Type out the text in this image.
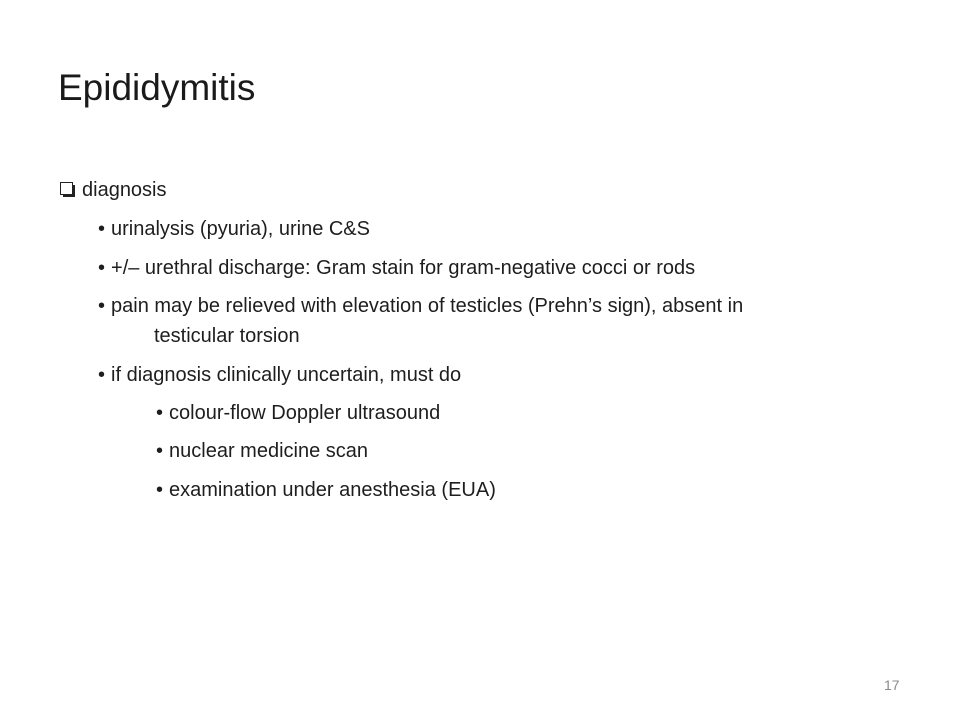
Epididymitis
diagnosis
• urinalysis (pyuria), urine C&S
• +/– urethral discharge: Gram stain for gram-negative cocci or rods
• pain may be relieved with elevation of testicles (Prehn’s sign), absent in
testicular torsion
• if diagnosis clinically uncertain, must do
• colour-flow Doppler ultrasound
• nuclear medicine scan
• examination under anesthesia (EUA)
17
